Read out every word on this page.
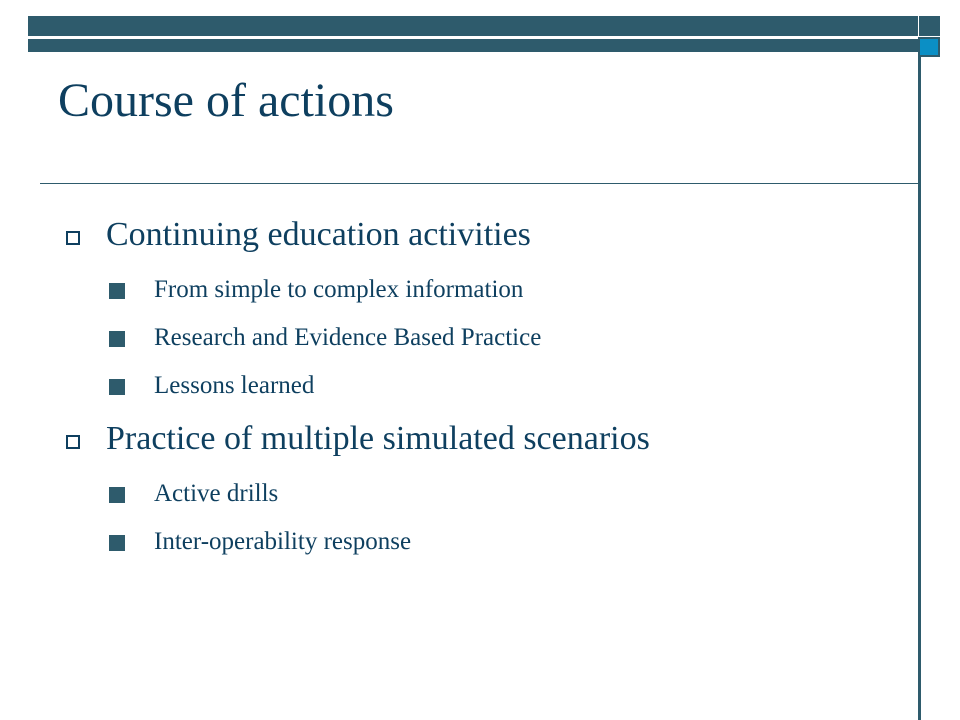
Course of actions
Continuing education activities
From simple to complex information
Research and Evidence Based Practice
Lessons learned
Practice of multiple simulated scenarios
Active drills
Inter-operability response
